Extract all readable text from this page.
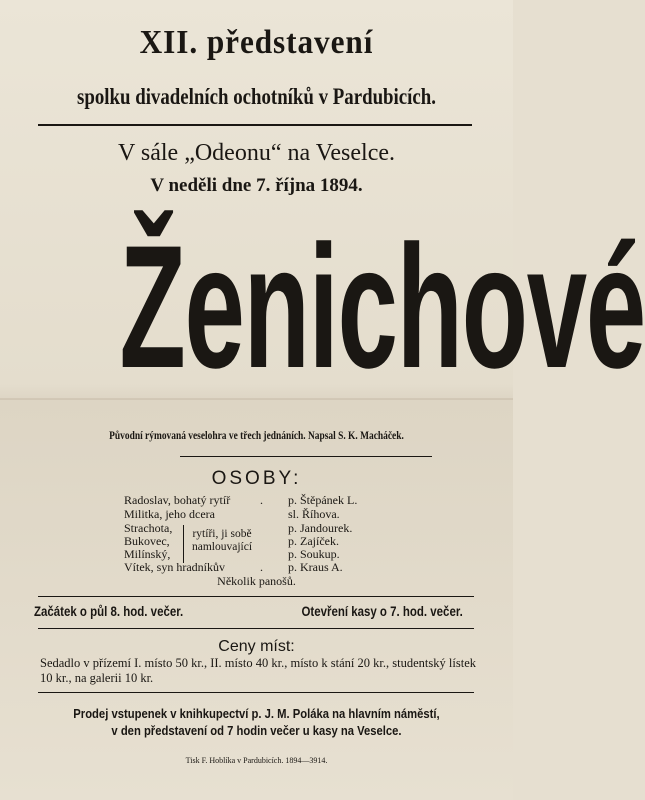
XII. představení
spolku divadelních ochotníků v Pardubicích.
V sále „Odeonu“ na Veselce.
V neděli dne 7. října 1894.
Ženichové
Původní rýmovaná veselohra ve třech jednáních. Napsal S. K. Macháček.
OSOBY:
Radoslav, bohatý rytíř . p. Štěpánek L.
Militka, jeho dcera	sl. Říhova.
Strachota,	p. Jandourek.
Bukovec,	p. Zajíček.
Milínský,	p. Soukup.
Vítek, syn hradníkův	. p. Kraus A.
rytíři, ji sobě
namlouvající
Několik panošů.
Začátek o půl 8. hod. večer.	Otevření kasy o 7. hod. večer.
Ceny míst:
Sedadlo v přízemí I. místo 50 kr., II. místo 40 kr., místo k stání 20 kr., studentský lístek 10 kr., na galerii 10 kr.
Prodej vstupenek v knihkupectví p. J. M. Poláka na hlavním náměstí,
v den představení od 7 hodin večer u kasy na Veselce.
Tisk F. Hoblíka v Pardubicích. 1894—3914.
